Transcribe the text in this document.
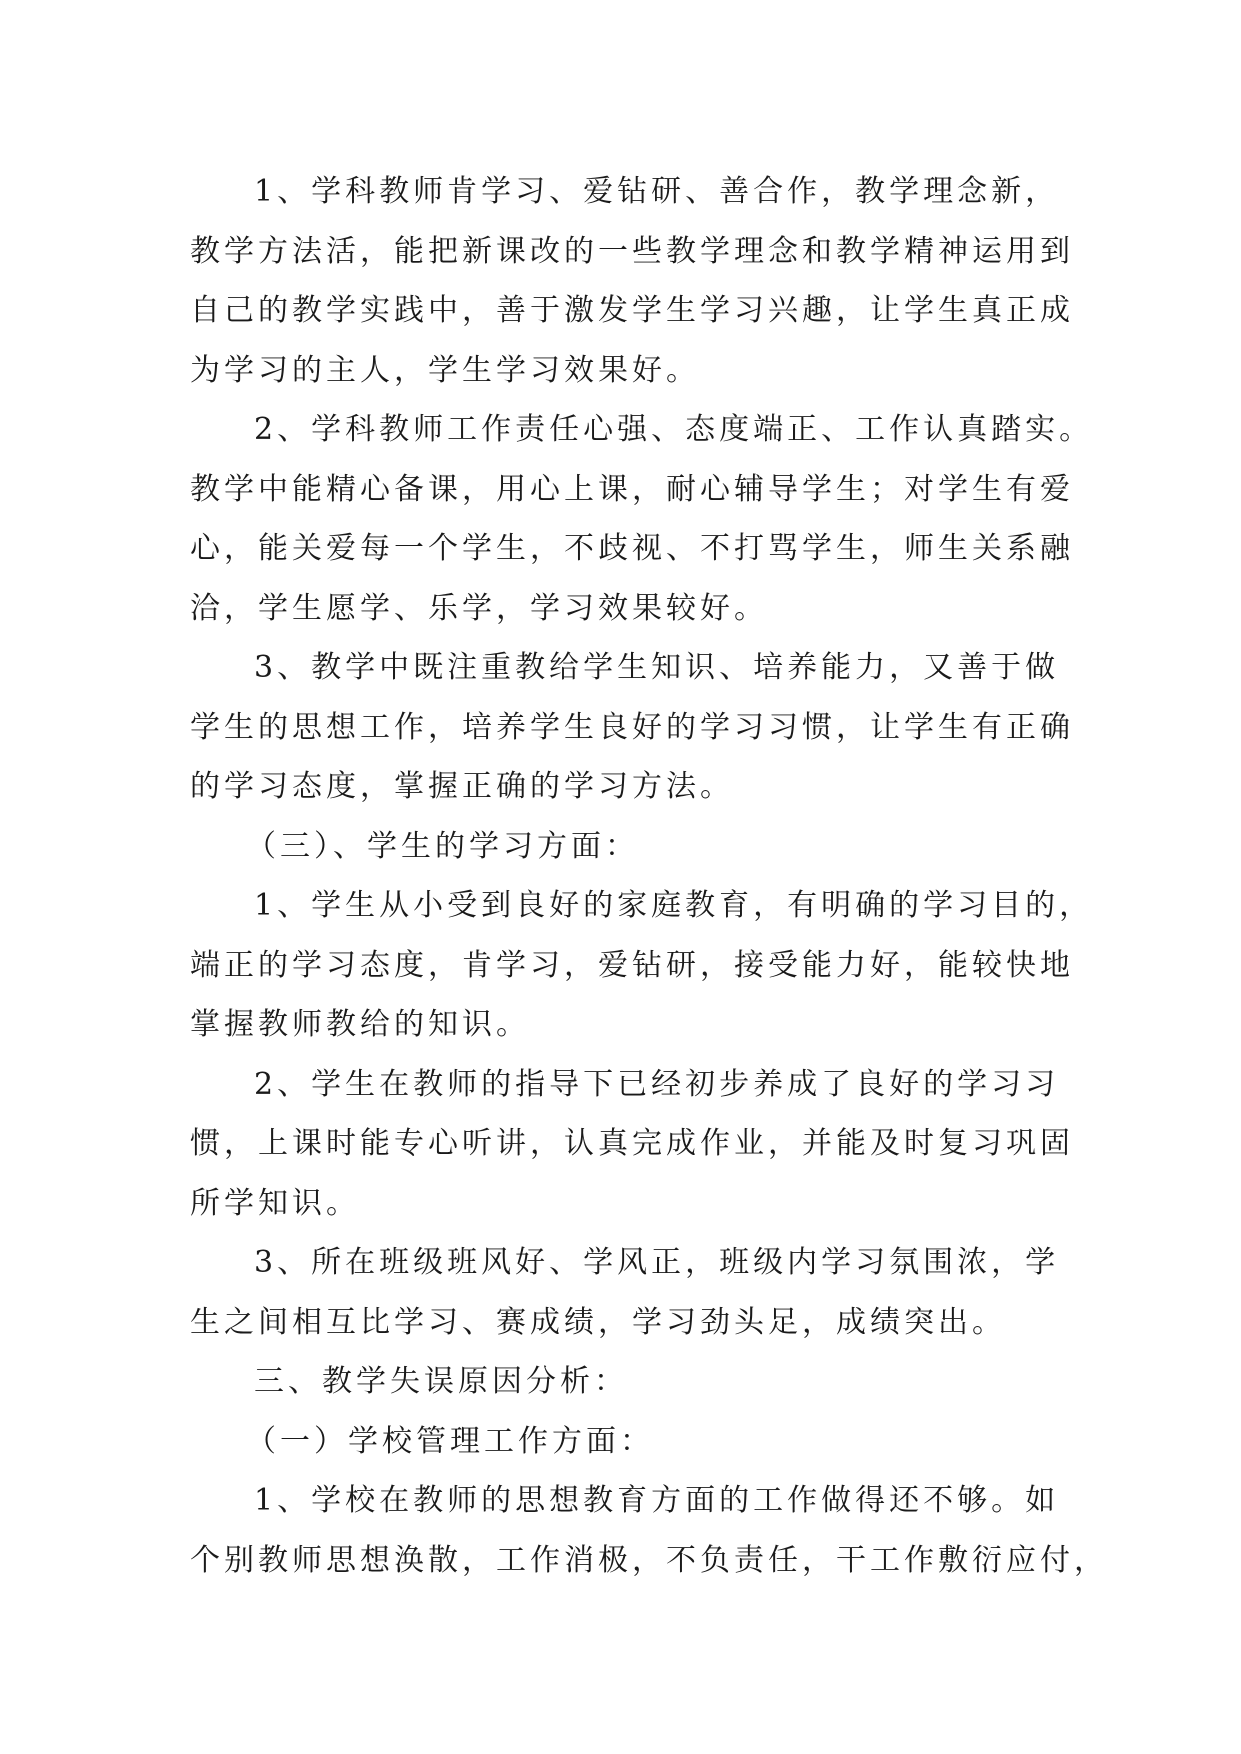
1、学科教师肯学习、爱钻研、善合作，教学理念新，
教学方法活，能把新课改的一些教学理念和教学精神运用到
自己的教学实践中，善于激发学生学习兴趣，让学生真正成
为学习的主人，学生学习效果好。
2、学科教师工作责任心强、态度端正、工作认真踏实。
教学中能精心备课，用心上课，耐心辅导学生；对学生有爱
心，能关爱每一个学生，不歧视、不打骂学生，师生关系融
洽，学生愿学、乐学，学习效果较好。
3、教学中既注重教给学生知识、培养能力，又善于做
学生的思想工作，培养学生良好的学习习惯，让学生有正确
的学习态度，掌握正确的学习方法。
（三）、学生的学习方面：
1、学生从小受到良好的家庭教育，有明确的学习目的，
端正的学习态度，肯学习，爱钻研，接受能力好，能较快地
掌握教师教给的知识。
2、学生在教师的指导下已经初步养成了良好的学习习
惯，上课时能专心听讲，认真完成作业，并能及时复习巩固
所学知识。
3、所在班级班风好、学风正，班级内学习氛围浓，学
生之间相互比学习、赛成绩，学习劲头足，成绩突出。
三、教学失误原因分析：
（一）学校管理工作方面：
1、学校在教师的思想教育方面的工作做得还不够。如
个别教师思想涣散，工作消极，不负责任，干工作敷衍应付，
